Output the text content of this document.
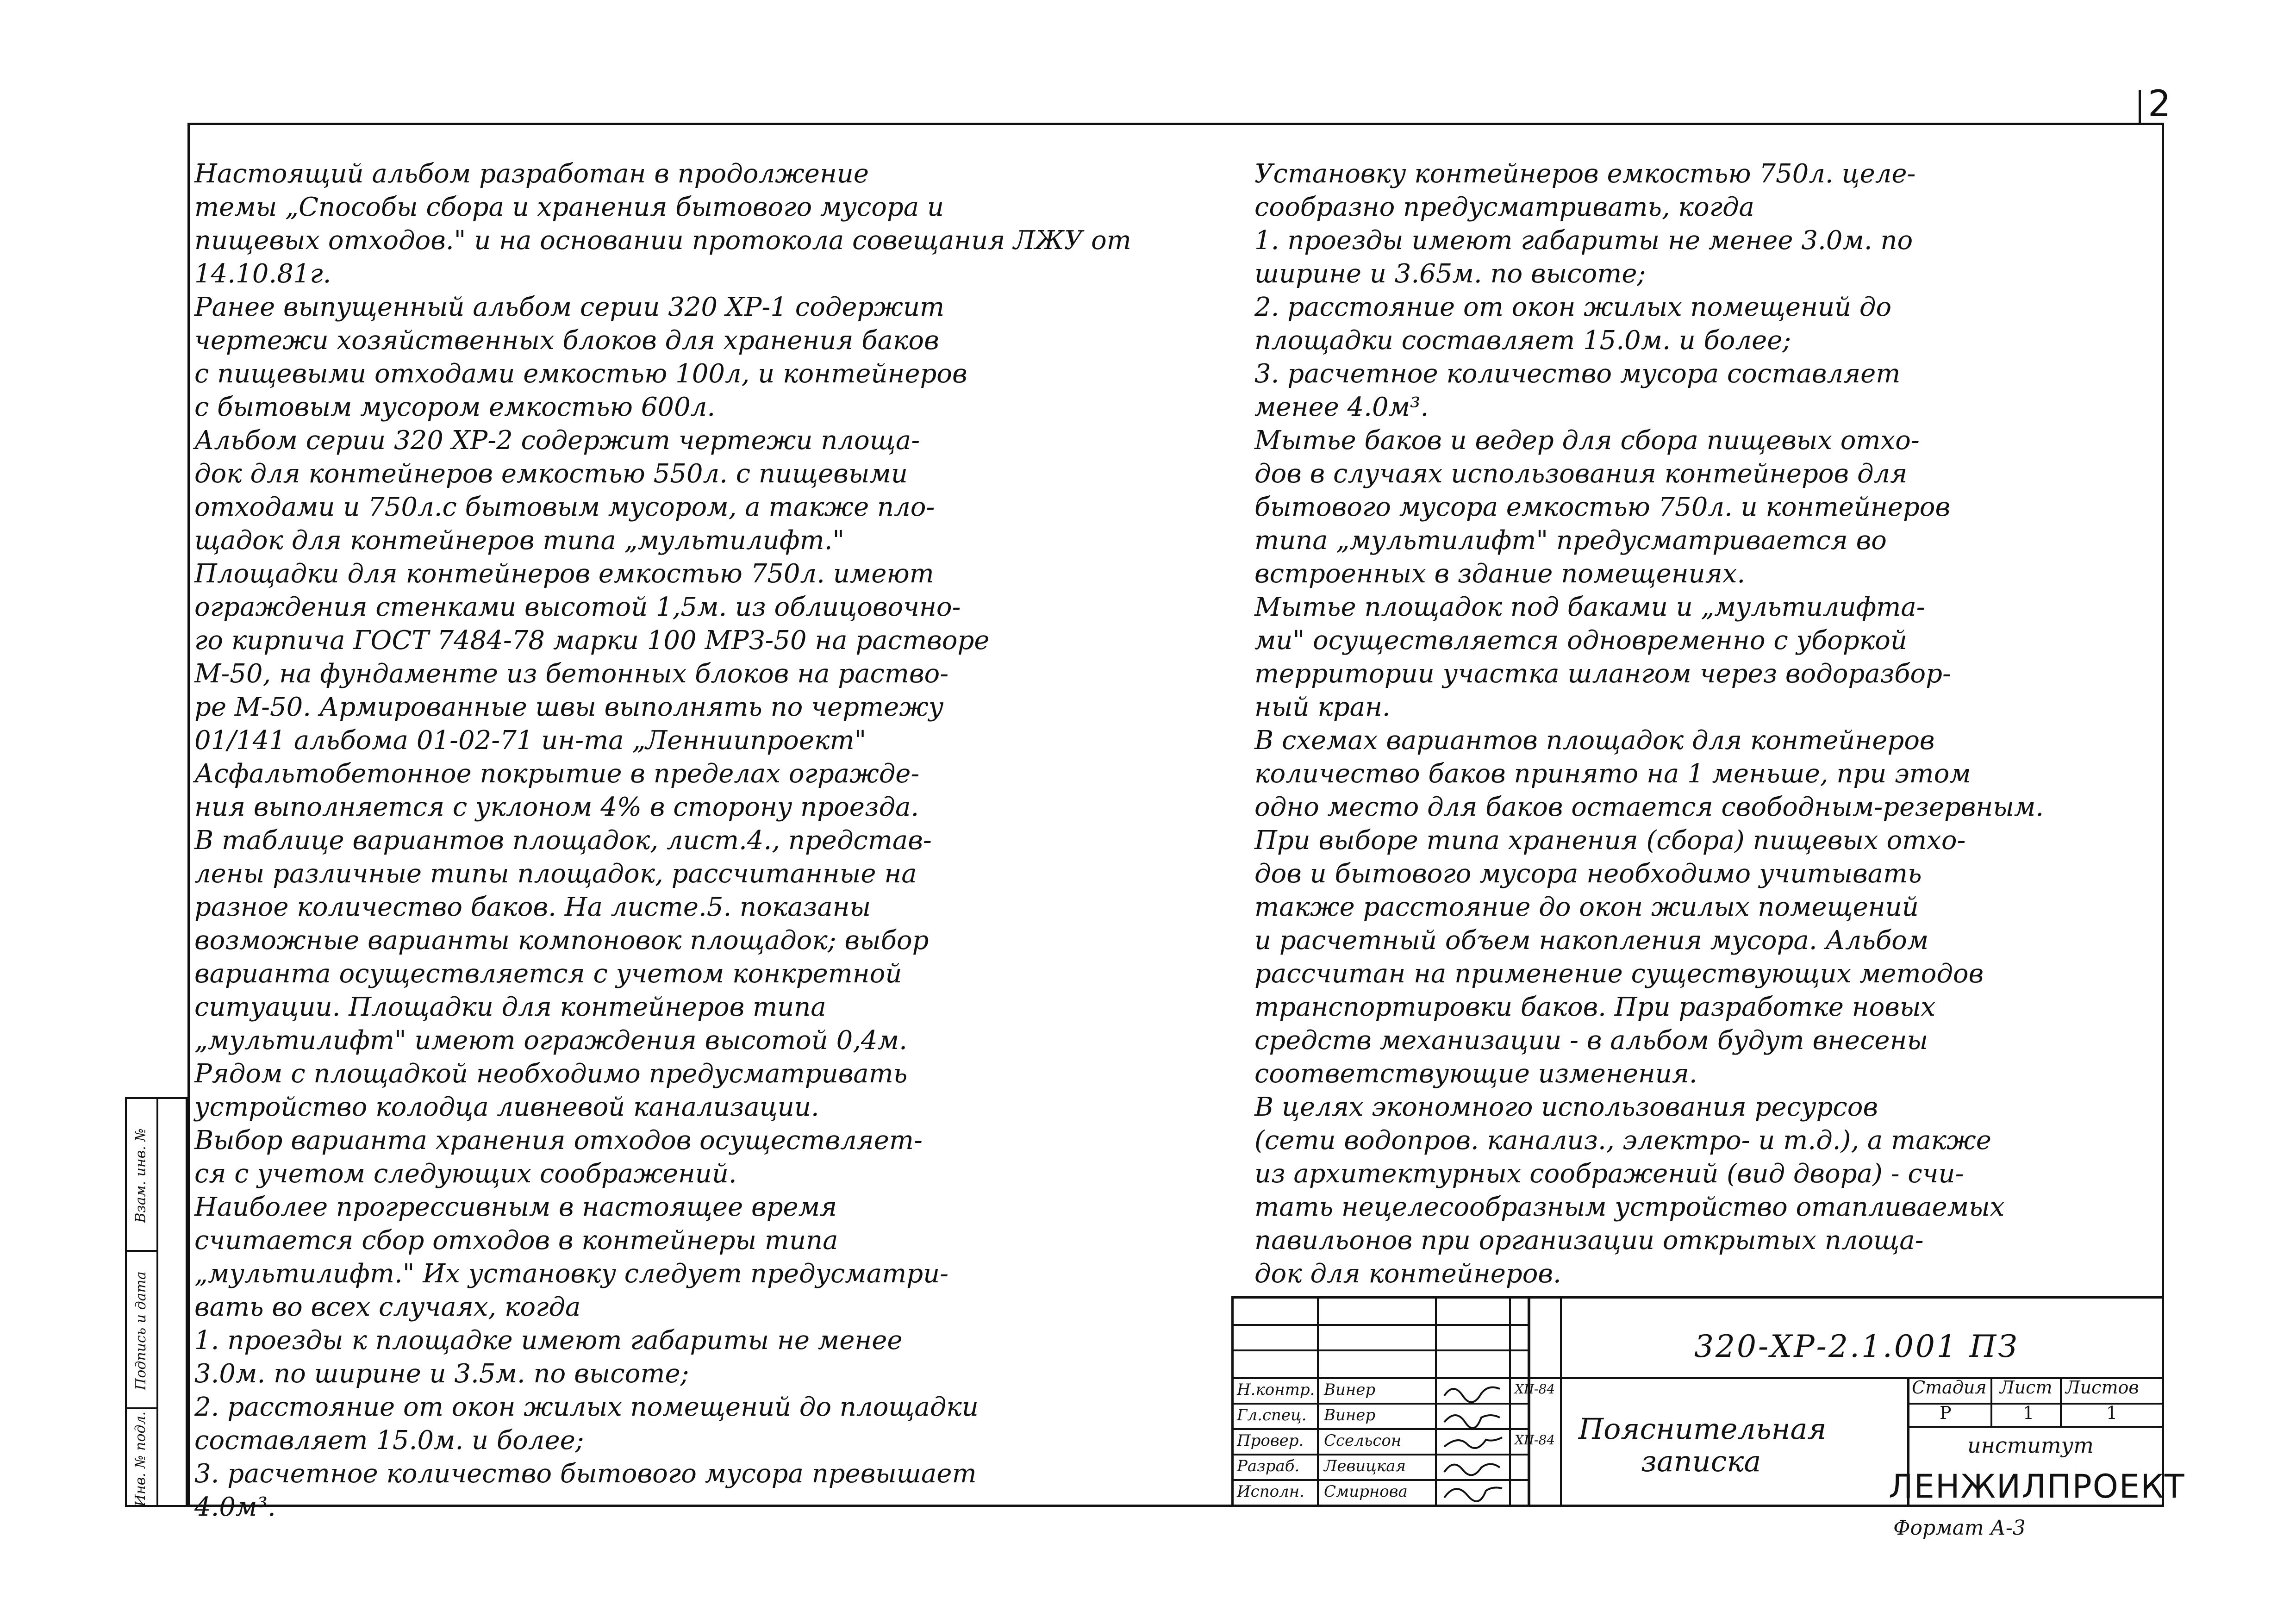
2
Инв. № подл.
Подпись и дата
Взам. инв. №

Настоящий альбом разработан в продолжение

темы „Способы сбора и хранения бытового мусора и

пищевых отходов." и на основании протокола совещания ЛЖУ от 14.10.81г.

Ранее выпущенный альбом серии 320 ХР-1 содержит

чертежи хозяйственных блоков для хранения баков

с пищевыми отходами емкостью 100л, и контейнеров

с бытовым мусором емкостью 600л.

Альбом серии 320 ХР-2 содержит чертежи площа-

док для контейнеров емкостью 550л. с пищевыми

отходами и 750л.с бытовым мусором, а также пло-

щадок для контейнеров типа „мультилифт."

Площадки для контейнеров емкостью 750л. имеют

ограждения стенками высотой 1,5м. из облицовочно-

го кирпича ГОСТ 7484-78 марки 100 МРЗ-50 на растворе

М-50, на фундаменте из бетонных блоков на раство-

ре М-50. Армированные швы выполнять по чертежу

01/141 альбома 01-02-71 ин-та „Ленниипроект"

Асфальтобетонное покрытие в пределах огражде-

ния выполняется с уклоном 4% в сторону проезда.

В таблице вариантов площадок, лист.4., представ-

лены различные типы площадок, рассчитанные на

разное количество баков. На листе.5. показаны

возможные варианты компоновок площадок; выбор

варианта осуществляется с учетом конкретной

ситуации. Площадки для контейнеров типа

„мультилифт" имеют ограждения высотой 0,4м.

Рядом с площадкой необходимо предусматривать

устройство колодца ливневой канализации.

Выбор варианта хранения отходов осуществляет-

ся с учетом следующих соображений.

Наиболее прогрессивным в настоящее время

считается сбор отходов в контейнеры типа

„мультилифт." Их установку следует предусматри-

вать во всех случаях, когда

1. проезды к площадке имеют габариты не менее

3.0м. по ширине и 3.5м. по высоте;

2. расстояние от окон жилых помещений до площадки

составляет 15.0м. и более;

3. расчетное количество бытового мусора превышает

4.0м³.

Установку контейнеров емкостью 750л. целе-

сообразно предусматривать, когда

1. проезды имеют габариты не менее 3.0м. по

ширине и 3.65м. по высоте;

2. расстояние от окон жилых помещений до

площадки составляет 15.0м. и более;

3. расчетное количество мусора составляет

менее 4.0м³.

Мытье баков и ведер для сбора пищевых отхо-

дов в случаях использования контейнеров для

бытового мусора емкостью 750л. и контейнеров

типа „мультилифт" предусматривается во

встроенных в здание помещениях.

Мытье площадок под баками и „мультилифта-

ми" осуществляется одновременно с уборкой

территории участка шлангом через водоразбор-

ный кран.

В схемах вариантов площадок для контейнеров

количество баков принято на 1 меньше, при этом

одно место для баков остается свободным-резервным.

При выборе типа хранения (сбора) пищевых отхо-

дов и бытового мусора необходимо учитывать

также расстояние до окон жилых помещений

и расчетный объем накопления мусора. Альбом

рассчитан на применение существующих методов

транспортировки баков. При разработке новых

средств механизации - в альбом будут внесены

соответствующие изменения.

В целях экономного использования ресурсов

(сети водопров. канализ., электро- и т.д.), а также

из архитектурных соображений (вид двора) - счи-

тать нецелесообразным устройство отапливаемых

павильонов при организации открытых площа-

док для контейнеров.

320-ХР-2.1.001 ПЗ
Н.контр.
Гл.спец.
Провер.
Разраб.
Исполн.
Винер
Винер
Ссельсон
Левицкая
Смирнова
XII-84
XII-84 Пояснительная
записка
Стадия Лист Листов
Р	1	1
институт
ЛЕНЖИЛПРОЕКТ
Формат А-3
